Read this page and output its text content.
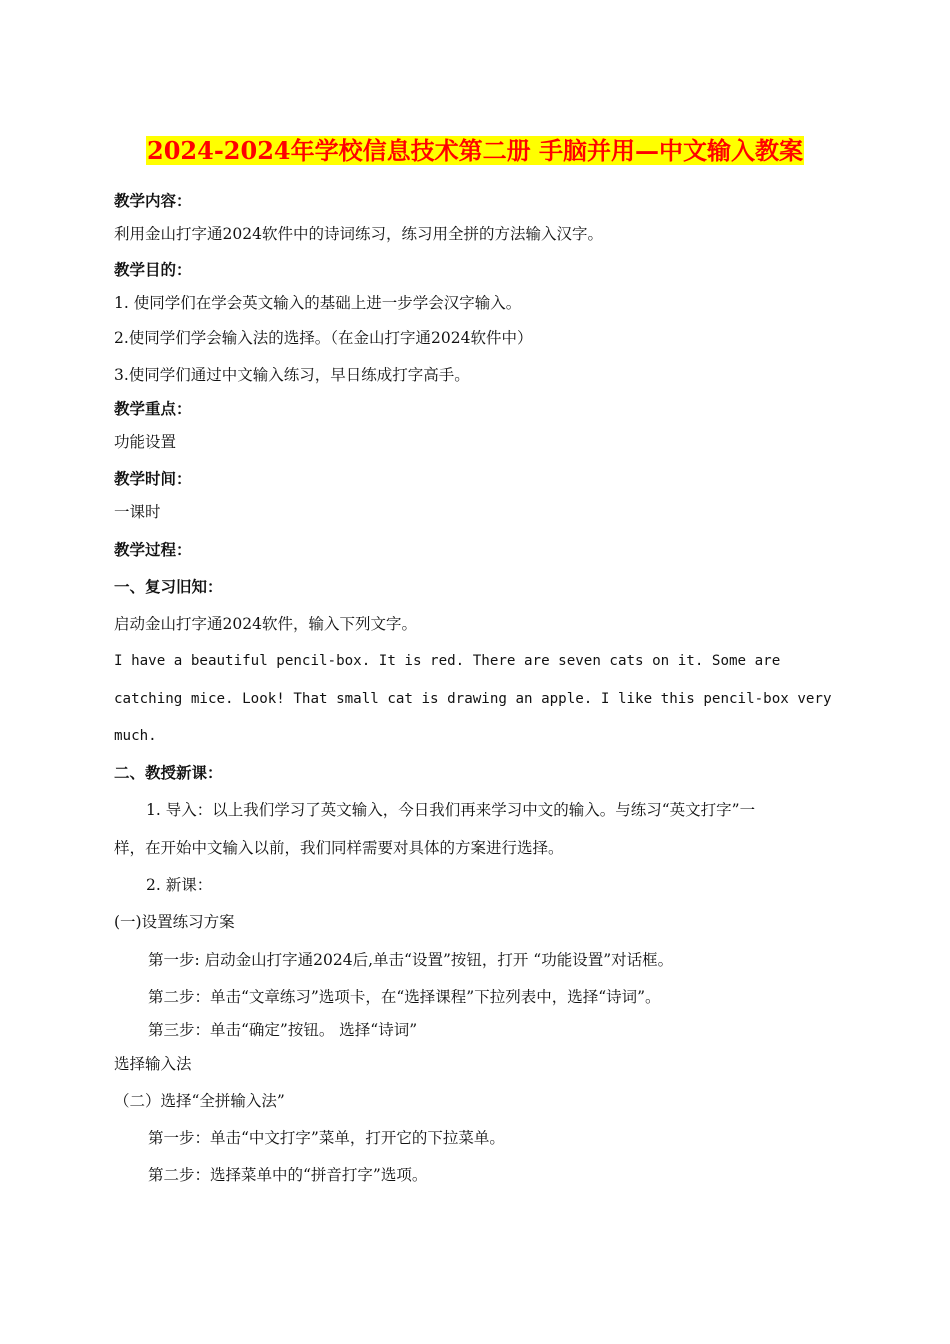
2024-2024年学校信息技术第二册 手脑并用—中文输入教案
教学内容：
利用金山打字通2024软件中的诗词练习，练习用全拼的方法输入汉字。
教学目的：
1. 使同学们在学会英文输入的基础上进一步学会汉字输入。
2.使同学们学会输入法的选择。（在金山打字通2024软件中）
3.使同学们通过中文输入练习，早日练成打字高手。
教学重点：
功能设置
教学时间：
一课时
教学过程：
一、复习旧知：
启动金山打字通2024软件，输入下列文字。
I have a beautiful pencil-box. It is red. There are seven cats on it. Some are
catching mice. Look! That small cat is drawing an apple. I like this pencil-box very
much.
二、教授新课：
1. 导入：以上我们学习了英文输入，今日我们再来学习中文的输入。与练习“英文打字”一
样，在开始中文输入以前，我们同样需要对具体的方案进行选择。
2. 新课：
(一)设置练习方案
第一步: 启动金山打字通2024后,单击“设置”按钮，打开 “功能设置”对话框。
第二步：单击“文章练习”选项卡，在“选择课程”下拉列表中，选择“诗词”。
第三步：单击“确定”按钮。 选择“诗词”
选择输入法
（二）选择“全拼输入法”
第一步：单击“中文打字”菜单，打开它的下拉菜单。
第二步：选择菜单中的“拼音打字”选项。
